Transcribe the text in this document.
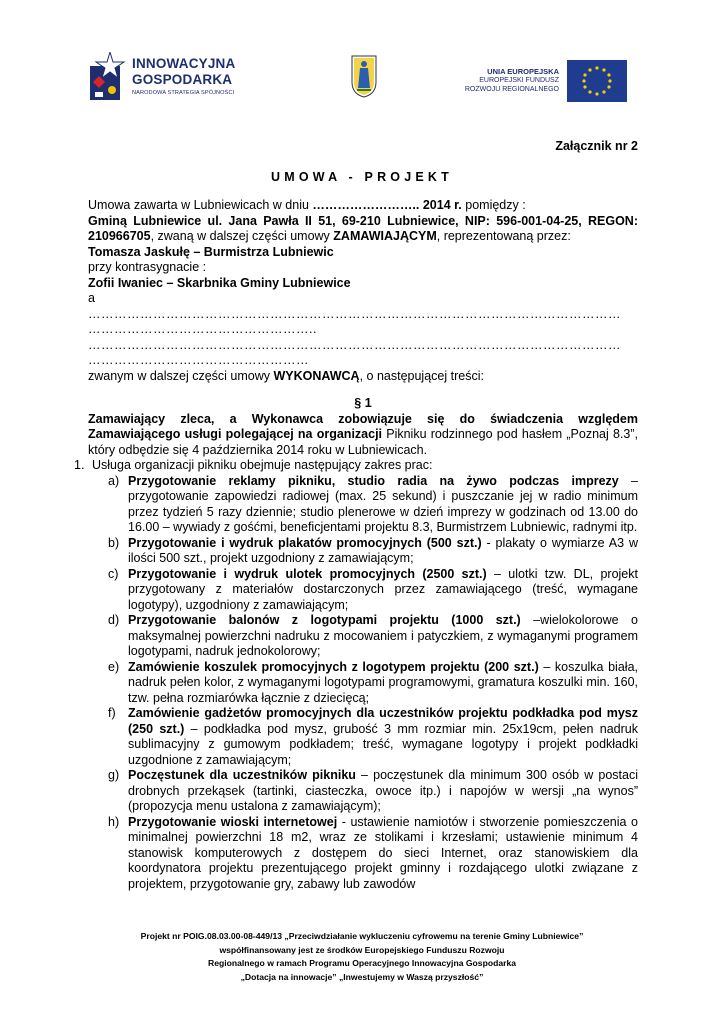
INNOWACYJNA
GOSPODARKA
NARODOWA STRATEGIA SPÓJNOŚCI
UNIA EUROPEJSKA
EUROPEJSKI FUNDUSZ
ROZWOJU REGIONALNEGO
Załącznik nr 2
UMOWA - PROJEKT

Umowa zawarta w Lubniewicach w dniu …………………….. 2014 r. pomiędzy :

Gminą Lubniewice ul. Jana Pawła II 51, 69-210 Lubniewice, NIP: 596-001-04-25, REGON: 210966705, zwaną w dalszej części umowy ZAMAWIAJĄCYM, reprezentowaną przez:

Tomasza Jaskułę – Burmistrza Lubniewic

przy kontrasygnacie :

Zofii Iwaniec – Skarbnika Gminy Lubniewice

a

……………………………………………………………………………………………………………

……………………………………………..

……………………………………………………………………………………………………………

……………………………………………

zwanym w dalszej części umowy WYKONAWCĄ, o następującej treści:

§ 1

Zamawiający zleca, a Wykonawca zobowiązuje się do świadczenia względem Zamawiającego usługi polegającej na organizacji Pikniku rodzinnego pod hasłem „Poznaj 8.3”, który odbędzie się 4 października 2014 roku w Lubniewicach.

1. Usługa organizacji pikniku obejmuje następujący zakres prac:
a) Przygotowanie reklamy pikniku, studio radia na żywo podczas imprezy – przygotowanie zapowiedzi radiowej (max. 25 sekund) i puszczanie jej w radio minimum przez tydzień 5 razy dziennie; studio plenerowe w dzień imprezy w godzinach od 13.00 do 16.00 – wywiady z gośćmi, beneficjentami projektu 8.3, Burmistrzem Lubniewic, radnymi itp.
b) Przygotowanie i wydruk plakatów promocyjnych (500 szt.) - plakaty o wymiarze A3 w ilości 500 szt., projekt uzgodniony z zamawiającym;
c) Przygotowanie i wydruk ulotek promocyjnych (2500 szt.) – ulotki tzw. DL, projekt przygotowany z materiałów dostarczonych przez zamawiającego (treść, wymagane logotypy), uzgodniony z zamawiającym;
d) Przygotowanie balonów z logotypami projektu (1000 szt.) –wielokolorowe o maksymalnej powierzchni nadruku z mocowaniem i patyczkiem, z wymaganymi programem logotypami, nadruk jednokolorowy;
e) Zamówienie koszulek promocyjnych z logotypem projektu (200 szt.) – koszulka biała, nadruk pełen kolor, z wymaganymi logotypami programowymi, gramatura koszulki min. 160, tzw. pełna rozmiarówka łącznie z dziecięcą;
f) Zamówienie gadżetów promocyjnych dla uczestników projektu podkładka pod mysz (250 szt.) – podkładka pod mysz, grubość 3 mm rozmiar min. 25x19cm, pełen nadruk sublimacyjny z gumowym podkładem; treść, wymagane logotypy i projekt podkładki uzgodnione z zamawiającym;
g) Poczęstunek dla uczestników pikniku – poczęstunek dla minimum 300 osób w postaci drobnych przekąsek (tartinki, ciasteczka, owoce itp.) i napojów w wersji „na wynos” (propozycja menu ustalona z zamawiającym);
h) Przygotowanie wioski internetowej - ustawienie namiotów i stworzenie pomieszczenia o minimalnej powierzchni 18 m2, wraz ze stolikami i krzesłami; ustawienie minimum 4 stanowisk komputerowych z dostępem do sieci Internet, oraz stanowiskiem dla koordynatora projektu prezentującego projekt gminny i rozdającego ulotki związane z projektem, przygotowanie gry, zabawy lub zawodów
Projekt nr POIG.08.03.00-08-449/13 „Przeciwdziałanie wykluczeniu cyfrowemu na terenie Gminy Lubniewice”
współfinansowany jest ze środków Europejskiego Funduszu Rozwoju
Regionalnego w ramach Programu Operacyjnego Innowacyjna Gospodarka
„Dotacja na innowacje” „Inwestujemy w Waszą przyszłość”
